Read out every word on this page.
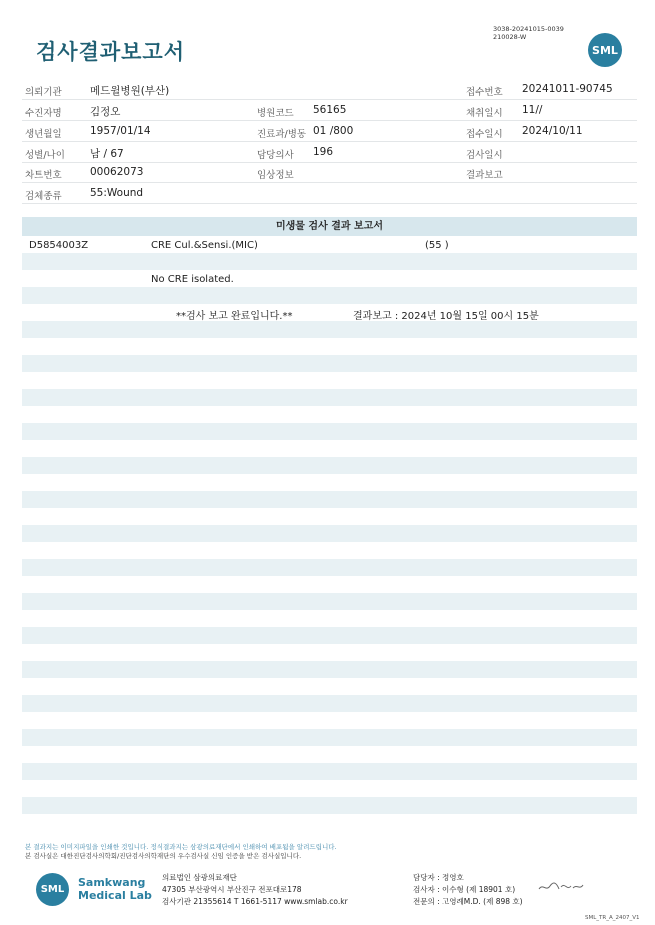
검사결과보고서
3038-20241015-0039
210028-W
SML
의뢰기관	메드윌병원(부산)	접수번호 20241011-90745
수진자명	김정오	병원코드 56165	채취일시 11//
생년월일	1957/01/14	진료과/병동 01 /800	접수일시 2024/10/11
성별/나이 남 / 67	담당의사 196	검사일시
차트번호	00062073	임상정보	결과보고
검체종류	55:Wound
미생물 검사 결과 보고서
D5854003Z	CRE Cul.&Sensi.(MIC)	(55 )
No CRE isolated.
**검사 보고 완료입니다.**	결과보고 : 2024년 10월 15일 00시 15분
본 결과지는 이미지파일을 인쇄한 것입니다. 정식결과지는 삼광의료재단에서 인쇄하여 배포됨을 알려드립니다.
본 검사실은 대한진단검사의학회/진단검사의학재단의 우수검사실 신임 인증을 받은 검사실입니다.
SML
Samkwang
Medical Lab
의료법인 삼광의료재단
47305 부산광역시 부산진구 전포대로178
검사기관 21355614 T 1661-5117 www.smlab.co.kr
담당자 : 정영호
검사자 : 이수형 (제 18901 호)
전문의 : 고영례M.D. (제 898 호)
SML_TR_A_2407_V1
